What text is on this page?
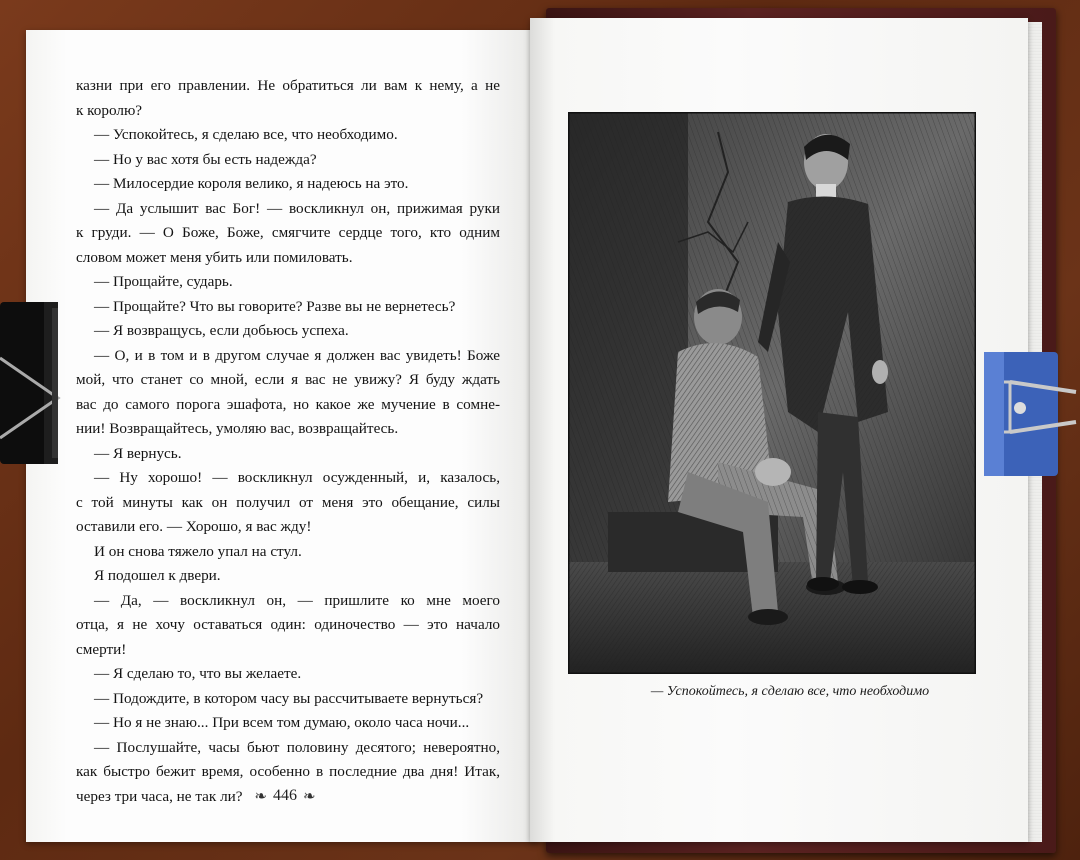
казни при его правлении. Не обратиться ли вам к нему, а не
к королю?
— Успокойтесь, я сделаю все, что необходимо.
— Но у вас хотя бы есть надежда?
— Милосердие короля велико, я надеюсь на это.
— Да услышит вас Бог! — воскликнул он, прижимая руки
к груди. — О Боже, Боже, смягчите сердце того, кто одним
словом может меня убить или помиловать.
— Прощайте, сударь.
— Прощайте? Что вы говорите? Разве вы не вернетесь?
— Я возвращусь, если добьюсь успеха.
— О, и в том и в другом случае я должен вас увидеть! Боже
мой, что станет со мной, если я вас не увижу? Я буду ждать
вас до самого порога эшафота, но какое же мучение в сомне-
нии! Возвращайтесь, умоляю вас, возвращайтесь.
— Я вернусь.
— Ну хорошо! — воскликнул осужденный, и, казалось,
с той минуты как он получил от меня это обещание, силы
оставили его. — Хорошо, я вас жду!
И он снова тяжело упал на стул.
Я подошел к двери.
— Да, — воскликнул он, — пришлите ко мне моего
отца, я не хочу оставаться один: одиночество — это начало
смерти!
— Я сделаю то, что вы желаете.
— Подождите, в котором часу вы рассчитываете вернуться?
— Но я не знаю... При всем том думаю, около часа ночи...
— Послушайте, часы бьют половину десятого; невероятно,
как быстро бежит время, особенно в последние два дня! Итак,
через три часа, не так ли? ❧ 446 ❧
— Успокойтесь, я сделаю все, что необходимо
